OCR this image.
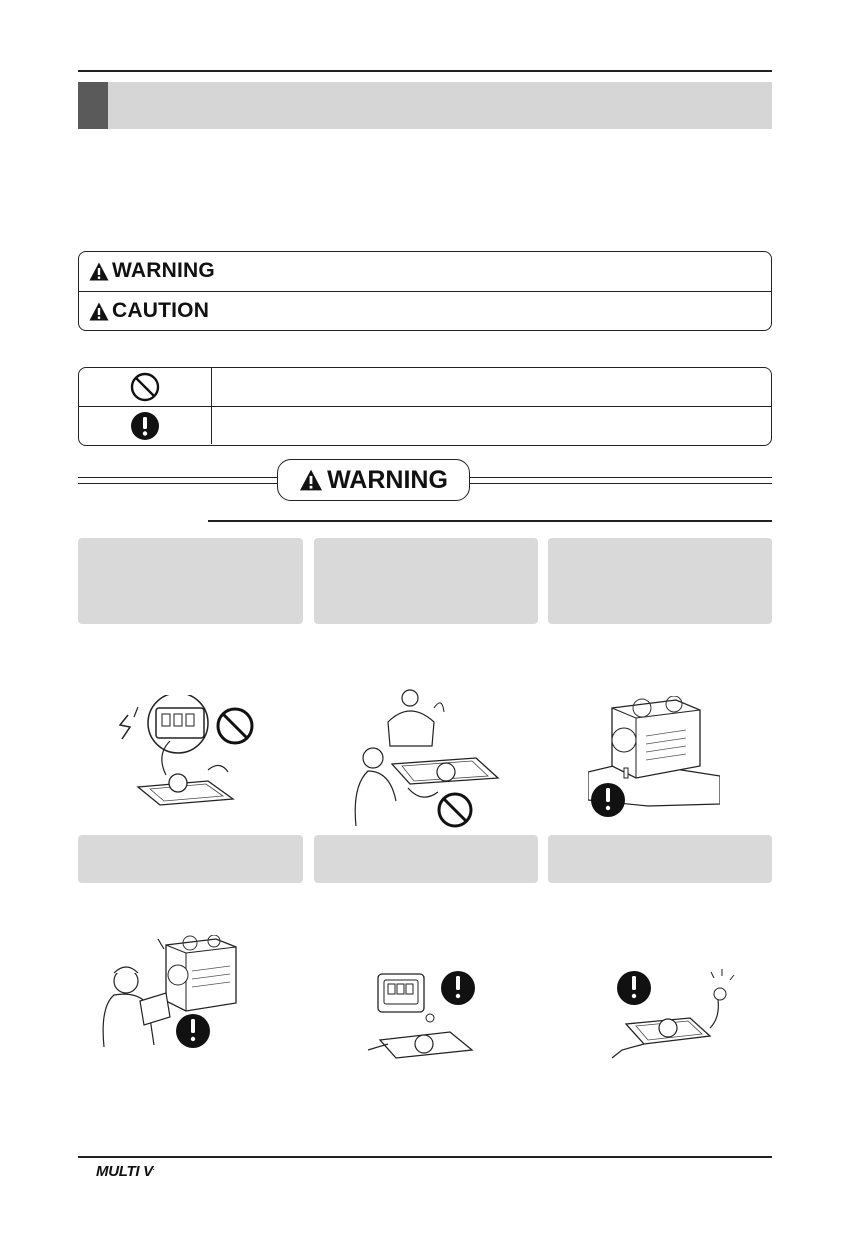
WARNING
CAUTION
WARNING
MULTI V.
